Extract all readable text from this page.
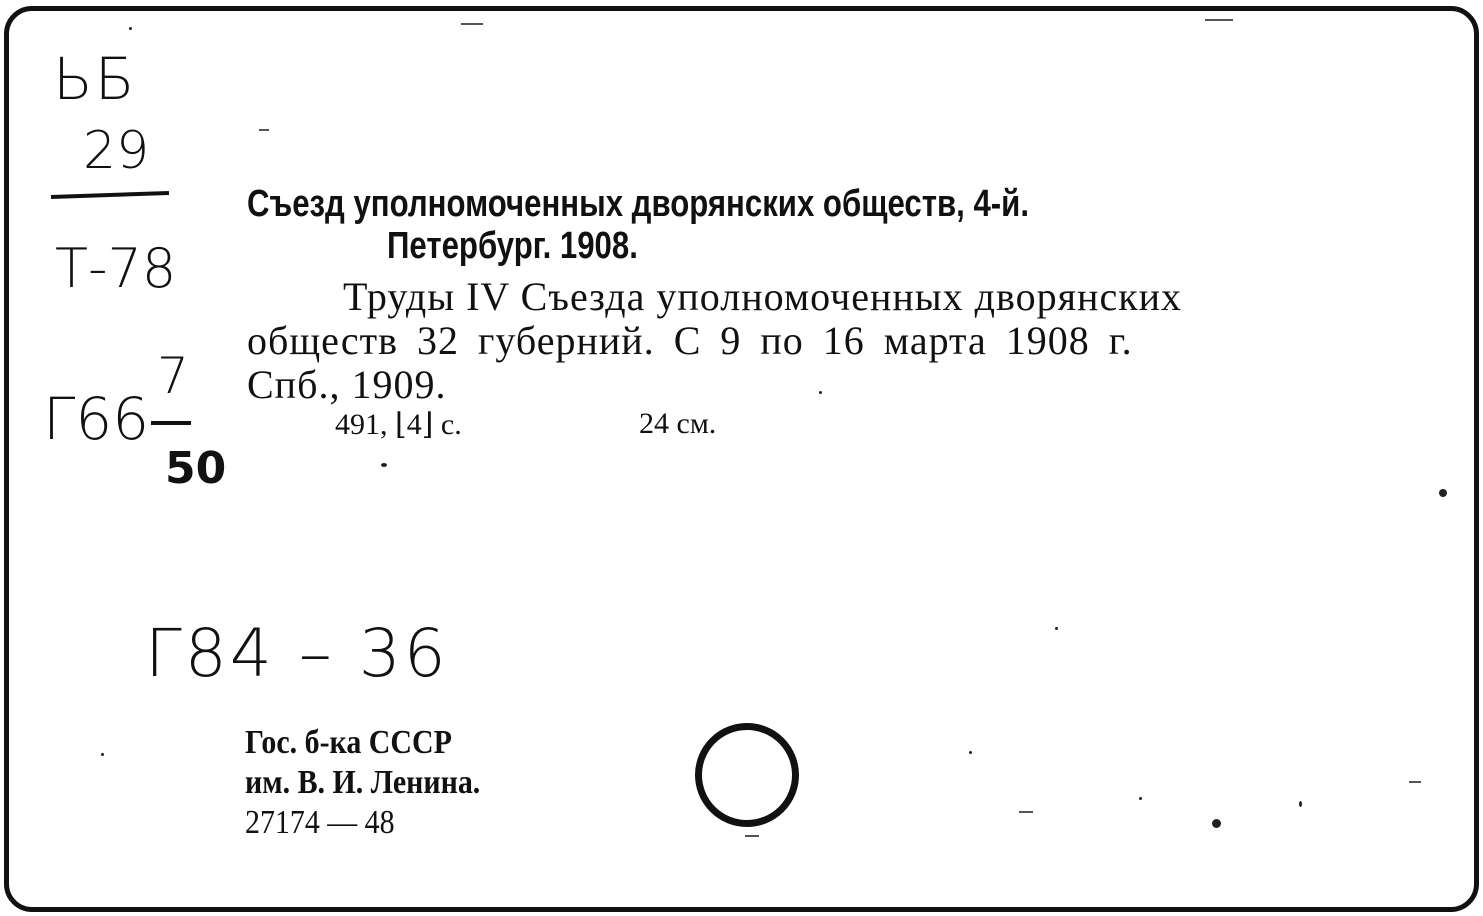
ЬБ
29
Т-78
Г66
7
50
Съезд уполномоченных дворянских обществ, 4-й.
Петербург. 1908.
Труды IV Съезда уполномоченных дворянских
обществ 32 губерний. С 9 по 16 марта 1908 г.
Спб., 1909.
491, ⌊4⌋ с.	24 см.
Г84 – 36
Гос. б-ка СССР
им. В. И. Ленина.
27174 — 48
